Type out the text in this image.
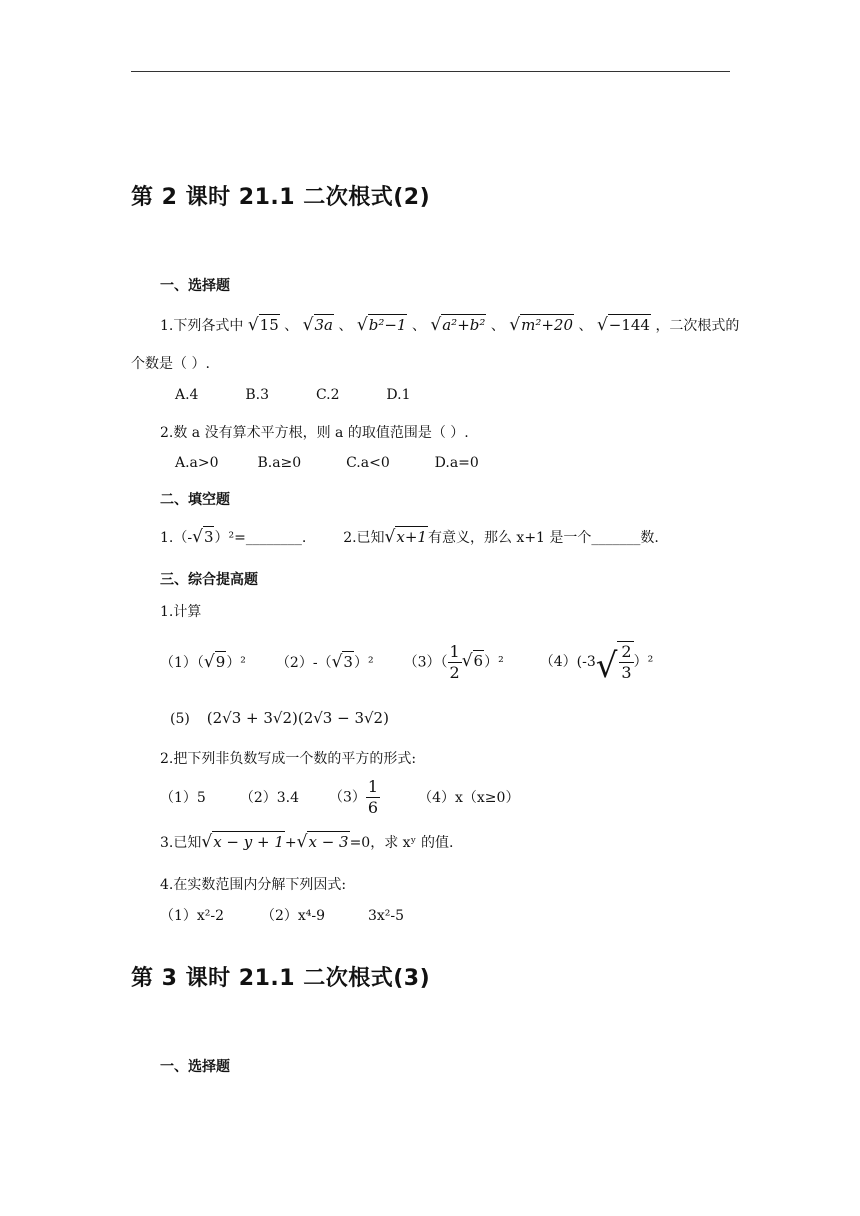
第 2 课时 21.1 二次根式(2)
一、选择题
1.下列各式中 √15 、 √3a 、 √b²−1 、 √a²+b² 、 √m²+20 、 √−144 ，二次根式的
个数是（ ）.
A.4	B.3	C.2	D.1
2.数 a 没有算术平方根，则 a 的取值范围是（ ）.
A.a>0	B.a≥0	C.a<0	D.a=0
二、填空题
1.（-√3）²=________.	2.已知√x+1有意义，那么 x+1 是一个_______数.
三、综合提高题
1.计算
（1）（√9）² （2）-（√3）² $(3)( \frac{1}{2} √6)^2$	（4）(-3 √ $\frac{2}{3} )^2$
(5) (2√3 + 3√2)(2√3 − 3√2)
2.把下列非负数写成一个数的平方的形式:
（1）5 （2）3.4 $(3) \frac{1}{6}$	（4）x（x≥0）
3.已知√x − y + 1+√x − 3=0，求 xʸ 的值.
4.在实数范围内分解下列因式:
（1）x²-2	（2）x⁴-9	3x²-5
第 3 课时 21.1 二次根式(3)
一、选择题
